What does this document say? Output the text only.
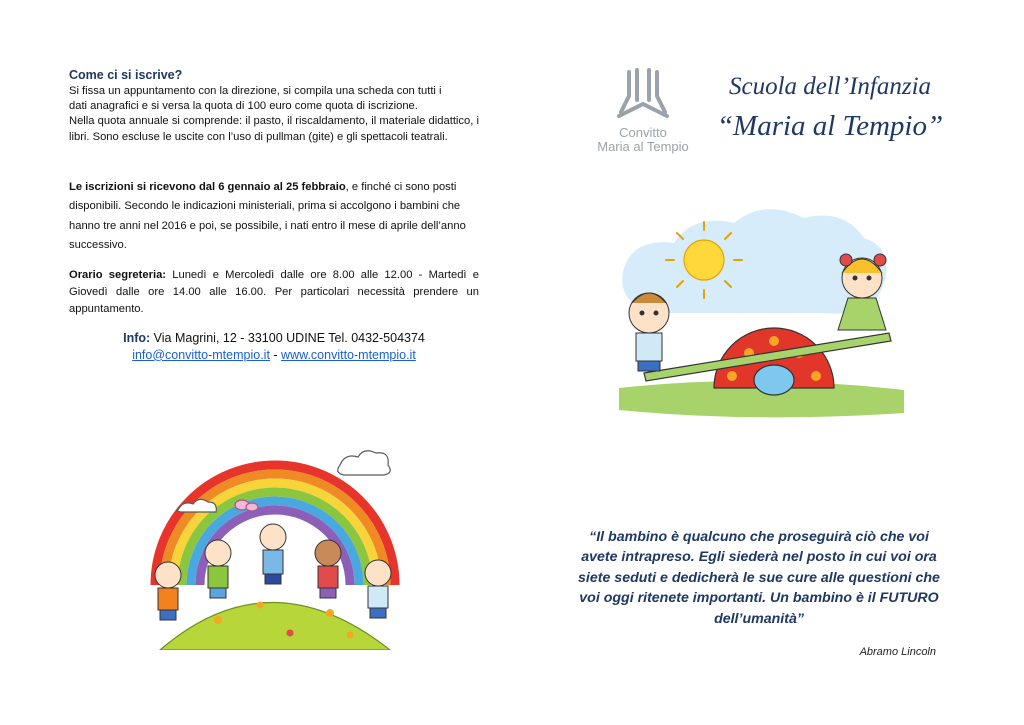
Come ci si iscrive?

Si fissa un appuntamento con la direzione, si compila una scheda con tutti i

dati anagrafici e si versa la quota di 100 euro come quota di iscrizione.

Nella quota annuale si comprende: il pasto, il riscaldamento, il materiale didattico, i libri. Sono escluse le uscite con l’uso di pullman (gite) e gli spettacoli teatrali.

Le iscrizioni si ricevono dal 6 gennaio al 25 febbraio, e finché ci sono posti disponibili. Secondo le indicazioni ministeriali, prima si accolgono i bambini che hanno tre anni nel 2016 e poi, se possibile, i nati entro il mese di aprile dell’anno successivo.

Orario segreteria: Lunedì e Mercoledì dalle ore 8.00 alle 12.00 - Martedì e Giovedì dalle ore 14.00 alle 16.00. Per particolari necessità prendere un appuntamento.

Info: Via Magrini, 12 - 33100 UDINE Tel. 0432-504374
info@convitto-mtempio.it - www.convitto-mtempio.it
Convitto
Maria al Tempio

Scuola dell’Infanzia

“Maria al Tempio”

“Il bambino è qualcuno che proseguirà ciò che voi avete intrapreso. Egli siederà nel posto in cui voi ora siete seduti e dedicherà le sue cure alle questioni che voi oggi ritenete importanti. Un bambino è il FUTURO dell’umanità”
Abramo Lincoln
